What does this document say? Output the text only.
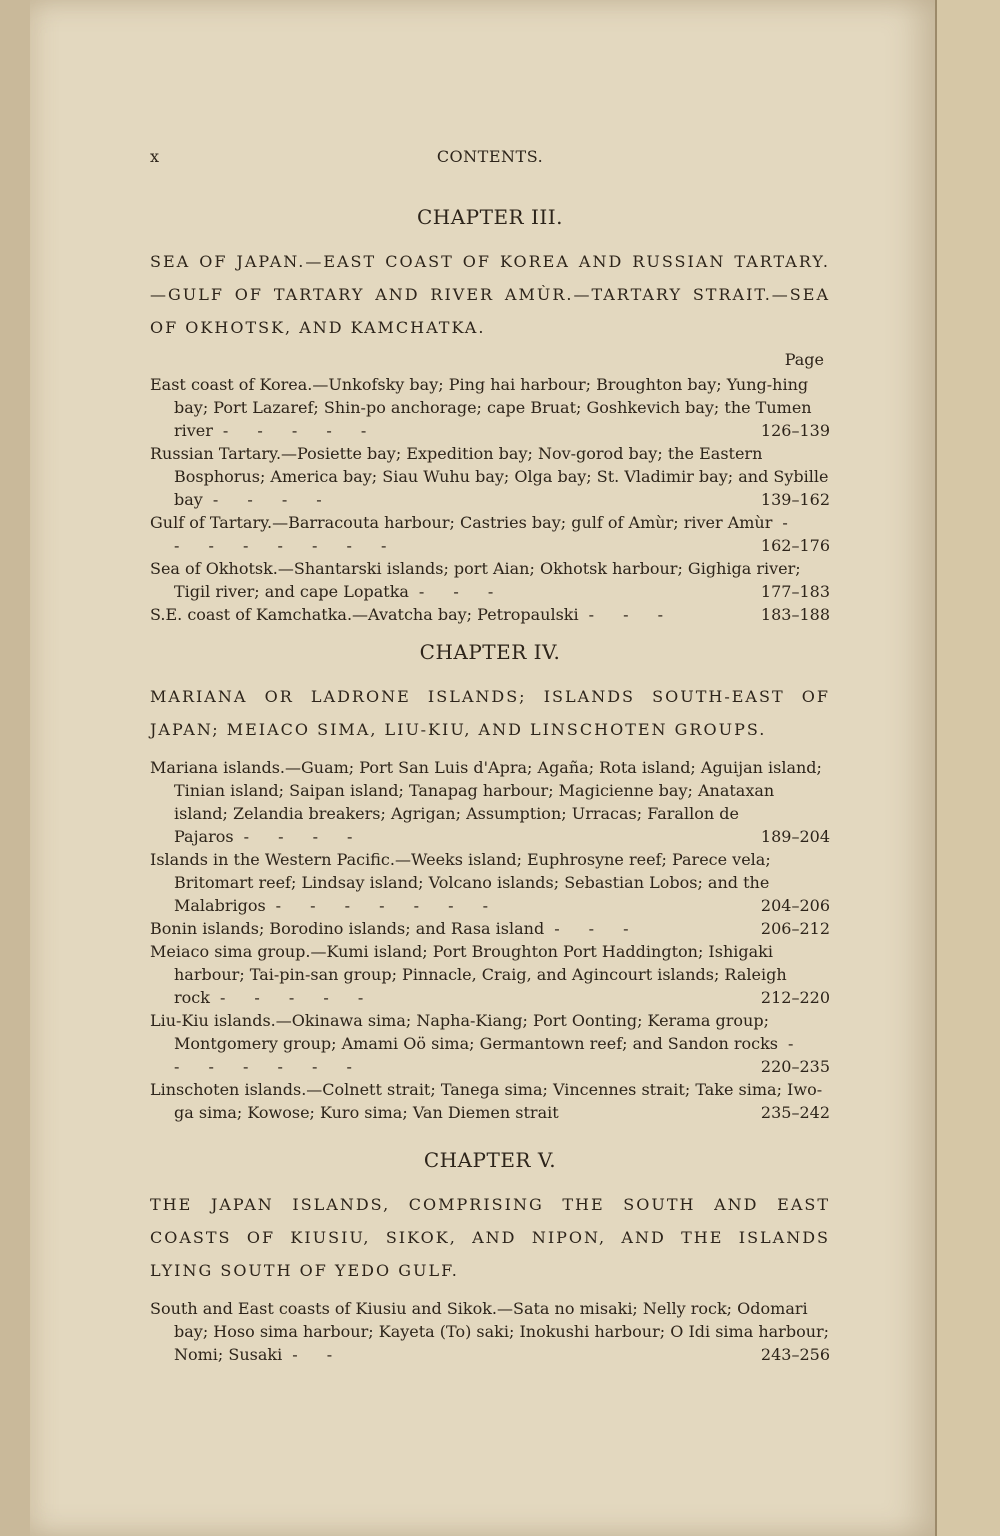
x	CONTENTS.
CHAPTER III.
SEA OF JAPAN.—EAST COAST OF KOREA AND RUSSIAN TARTARY.—GULF OF TARTARY AND RIVER AMÙR.—TARTARY STRAIT.—SEA OF OKHOTSK, AND KAMCHATKA.
Page
East coast of Korea.—Unkofsky bay; Ping hai harbour; Broughton bay; Yung-hing bay; Port Lazaref; Shin-po anchorage; cape Bruat; Goshkevich bay; the Tumen river - - - - -	126–139
Russian Tartary.—Posiette bay; Expedition bay; Nov-gorod bay; the Eastern Bosphorus; America bay; Siau Wuhu bay; Olga bay; St. Vladimir bay; and Sybille bay - - - -	139–162
Gulf of Tartary.—Barracouta harbour; Castries bay; gulf of Amùr; river Amùr - - - - - - - -	162–176
Sea of Okhotsk.—Shantarski islands; port Aian; Okhotsk harbour; Gighiga river; Tigil river; and cape Lopatka - - -	177–183
S.E. coast of Kamchatka.—Avatcha bay; Petropaulski - - -	183–188
CHAPTER IV.
MARIANA OR LADRONE ISLANDS; ISLANDS SOUTH-EAST OF JAPAN; MEIACO SIMA, LIU-KIU, AND LINSCHOTEN GROUPS.
Mariana islands.—Guam; Port San Luis d'Apra; Agaña; Rota island; Aguijan island; Tinian island; Saipan island; Tanapag harbour; Magicienne bay; Anataxan island; Zelandia breakers; Agrigan; Assumption; Urracas; Farallon de Pajaros - - - -	189–204
Islands in the Western Pacific.—Weeks island; Euphrosyne reef; Parece vela; Britomart reef; Lindsay island; Volcano islands; Sebastian Lobos; and the Malabrigos - - - - - - -	204–206
Bonin islands; Borodino islands; and Rasa island - - -	206–212
Meiaco sima group.—Kumi island; Port Broughton Port Haddington; Ishigaki harbour; Tai-pin-san group; Pinnacle, Craig, and Agincourt islands; Raleigh rock - - - - -	212–220
Liu-Kiu islands.—Okinawa sima; Napha-Kiang; Port Oonting; Kerama group; Montgomery group; Amami Oö sima; Germantown reef; and Sandon rocks - - - - - - -	220–235
Linschoten islands.—Colnett strait; Tanega sima; Vincennes strait; Take sima; Iwo-ga sima; Kowose; Kuro sima; Van Diemen strait	235–242
CHAPTER V.
THE JAPAN ISLANDS, COMPRISING THE SOUTH AND EAST COASTS OF KIUSIU, SIKOK, AND NIPON, AND THE ISLANDS LYING SOUTH OF YEDO GULF.
South and East coasts of Kiusiu and Sikok.—Sata no misaki; Nelly rock; Odomari bay; Hoso sima harbour; Kayeta (To) saki; Inokushi harbour; O Idi sima harbour; Nomi; Susaki - -	243–256
